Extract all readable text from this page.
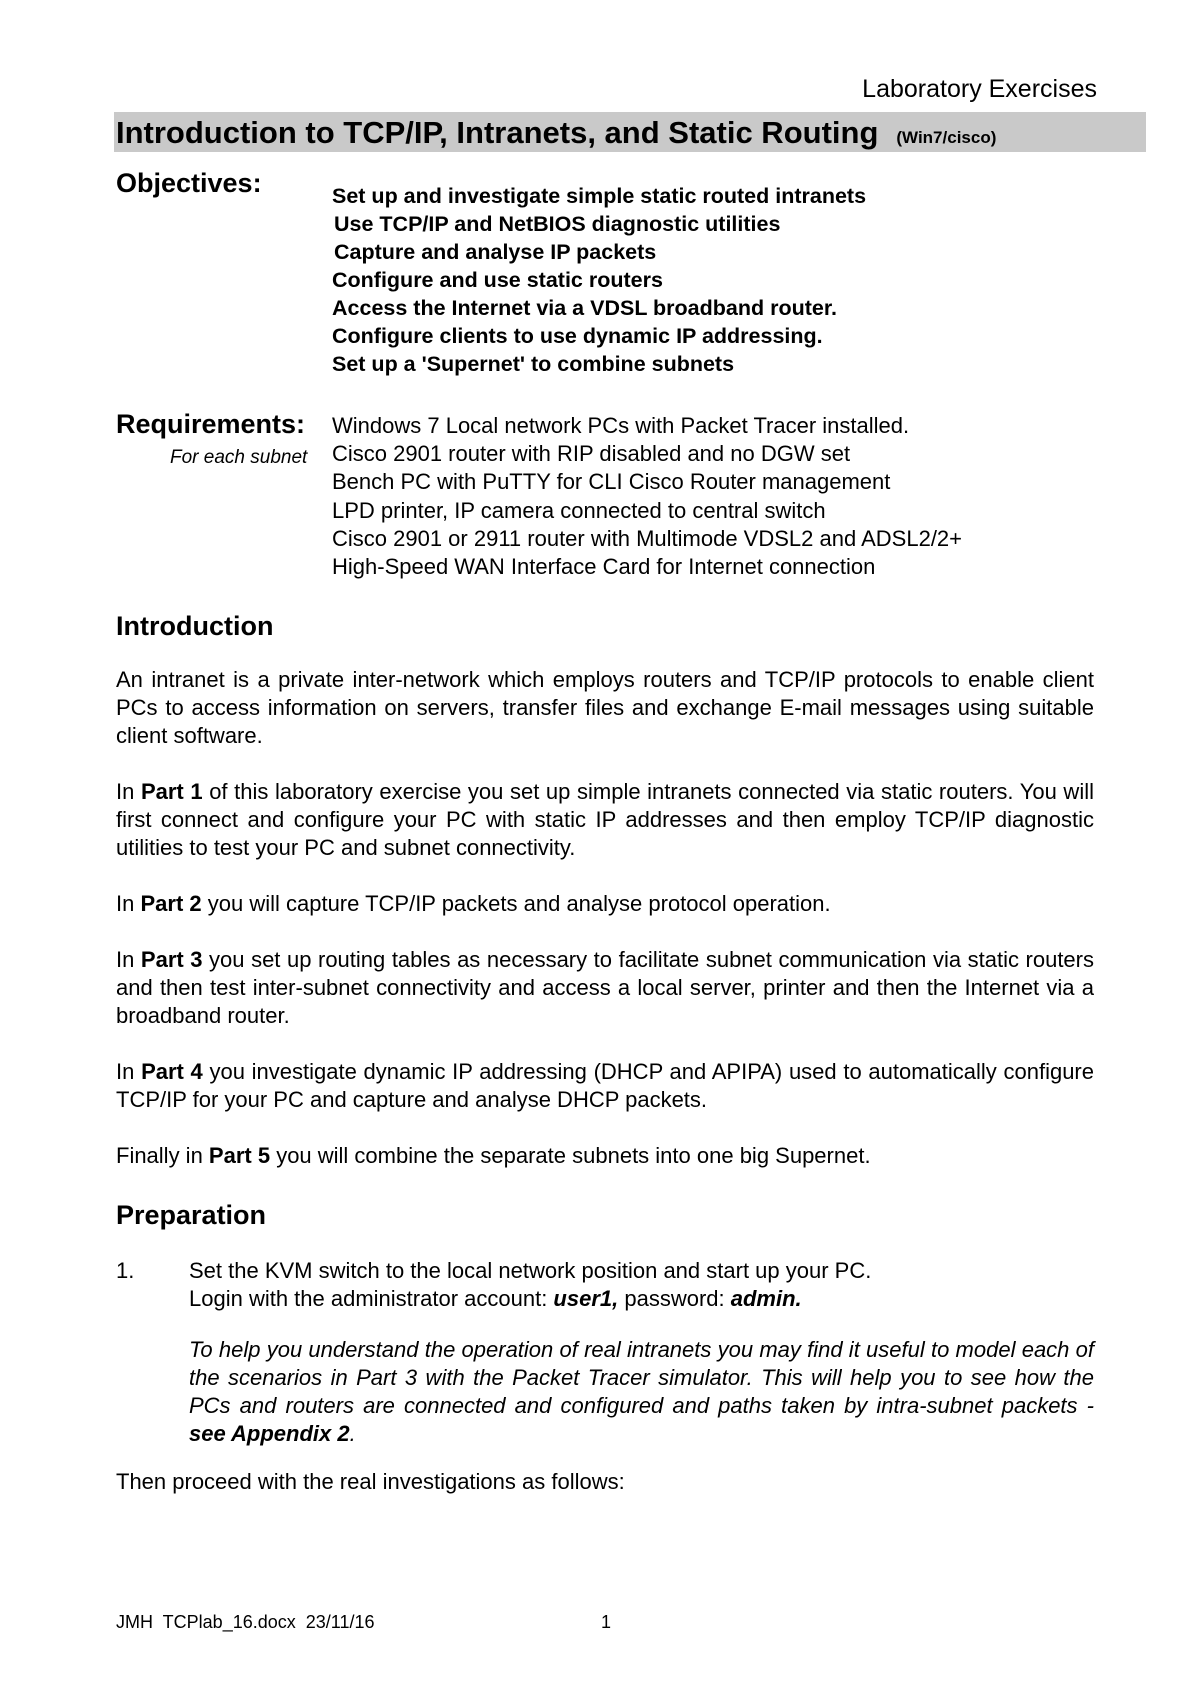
Laboratory Exercises
Introduction to TCP/IP, Intranets, and Static Routing (Win7/cisco)
Objectives:	Set up and investigate simple static routed intranets
Use TCP/IP and NetBIOS diagnostic utilities
Capture and analyse IP packets
Configure and use static routers
Access the Internet via a VDSL broadband router.
Configure clients to use dynamic IP addressing.
Set up a 'Supernet' to combine subnets
Requirements:
For each subnet
Windows 7 Local network PCs with Packet Tracer installed.
Cisco 2901 router with RIP disabled and no DGW set
Bench PC with PuTTY for CLI Cisco Router management
LPD printer, IP camera connected to central switch
Cisco 2901 or 2911 router with Multimode VDSL2 and ADSL2/2+
High-Speed WAN Interface Card for Internet connection
Introduction
An intranet is a private inter-network which employs routers and TCP/IP protocols to enable client PCs to access information on servers, transfer files and exchange E-mail messages using suitable client software.
In Part 1 of this laboratory exercise you set up simple intranets connected via static routers. You will first connect and configure your PC with static IP addresses and then employ TCP/IP diagnostic utilities to test your PC and subnet connectivity.
In Part 2 you will capture TCP/IP packets and analyse protocol operation.
In Part 3 you set up routing tables as necessary to facilitate subnet communication via static routers and then test inter-subnet connectivity and access a local server, printer and then the Internet via a broadband router.
In Part 4 you investigate dynamic IP addressing (DHCP and APIPA) used to automatically configure TCP/IP for your PC and capture and analyse DHCP packets.
Finally in Part 5 you will combine the separate subnets into one big Supernet.
Preparation
1. Set the KVM switch to the local network position and start up your PC.
Login with the administrator account: user1, password: admin.
To help you understand the operation of real intranets you may find it useful to model each of the scenarios in Part 3 with the Packet Tracer simulator. This will help you to see how the PCs and routers are connected and configured and paths taken by intra-subnet packets - see Appendix 2.
Then proceed with the real investigations as follows:
JMH  TCPlab_16.docx  23/11/16	1
